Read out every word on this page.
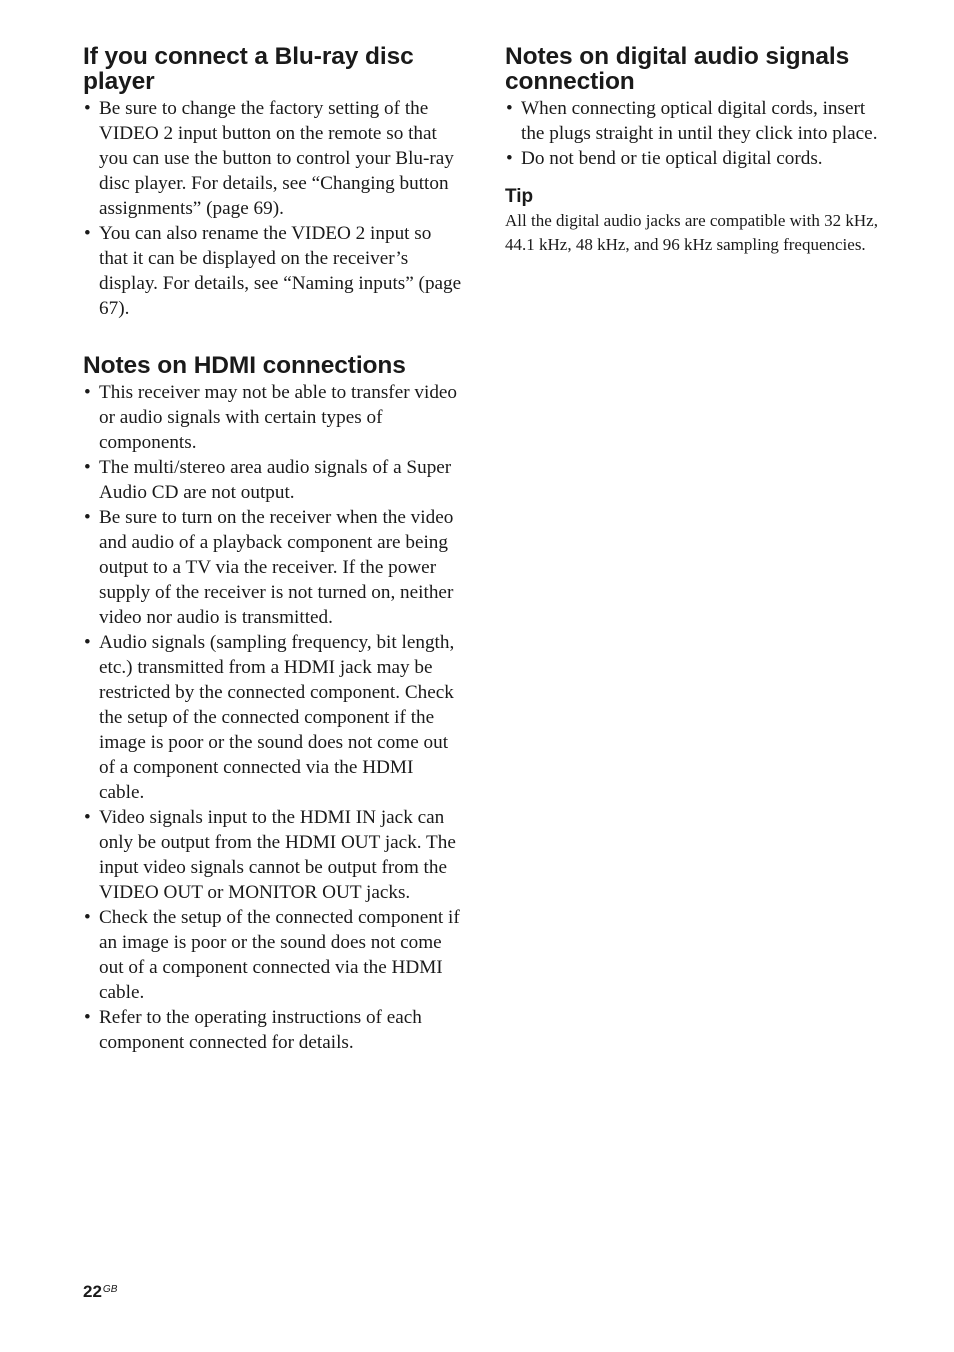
If you connect a Blu-ray disc player
• Be sure to change the factory setting of the VIDEO 2 input button on the remote so that you can use the button to control your Blu-ray disc player. For details, see “Changing button assignments” (page 69).
• You can also rename the VIDEO 2 input so that it can be displayed on the receiver’s display. For details, see “Naming inputs” (page 67).
Notes on HDMI connections
• This receiver may not be able to transfer video or audio signals with certain types of components.
• The multi/stereo area audio signals of a Super Audio CD are not output.
• Be sure to turn on the receiver when the video and audio of a playback component are being output to a TV via the receiver. If the power supply of the receiver is not turned on, neither video nor audio is transmitted.
• Audio signals (sampling frequency, bit length, etc.) transmitted from a HDMI jack may be restricted by the connected component. Check the setup of the connected component if the image is poor or the sound does not come out of a component connected via the HDMI cable.
• Video signals input to the HDMI IN jack can only be output from the HDMI OUT jack. The input video signals cannot be output from the VIDEO OUT or MONITOR OUT jacks.
• Check the setup of the connected component if an image is poor or the sound does not come out of a component connected via the HDMI cable.
• Refer to the operating instructions of each component connected for details.
Notes on digital audio signals connection
• When connecting optical digital cords, insert the plugs straight in until they click into place.
• Do not bend or tie optical digital cords.
Tip

All the digital audio jacks are compatible with 32 kHz, 44.1 kHz, 48 kHz, and 96 kHz sampling frequencies.

$22^{GB}$
